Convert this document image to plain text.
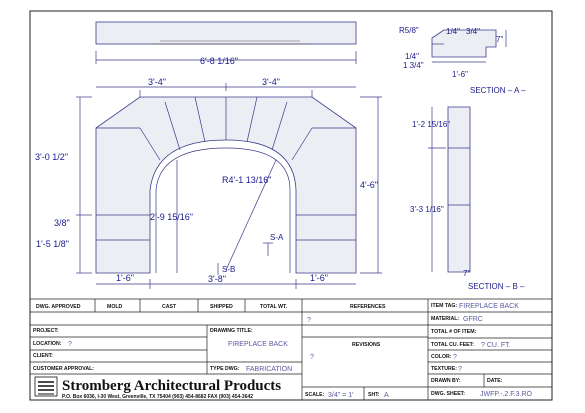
6'-8 1/16"
3'-4"	3'-4"
3'-0 1/2"
3/8"
1'-5 1/8"
4'-6"
2'-9 15/16"
R4'-1 13/16"
S-A
S-B
1'-6"	3'-8"	1'-6"
R5/8"	1/4" 3/4"
7"
1/4"
1 3/4"
1'-6"
SECTION – A –
1'-2 15/16"
3'-3 1/16"
7"
SECTION – B –
DWG. APPROVED	MOLD	CAST	SHIPPED	TOTAL WT.	REFERENCES
?
REVISIONS
?
PROJECT:
LOCATION: ?
CLIENT:
CUSTOMER APPROVAL:
DRAWING TITLE:
FIREPLACE BACK
TYPE DWG: FABRICATION
SCALE: 3/4" = 1'	SHT: A
ITEM TAG: FIREPLACE BACK
MATERIAL: GFRC
TOTAL # OF ITEM:
TOTAL CU. FEET: ? CU. FT.
COLOR: ?
TEXTURE: ?
DRAWN BY:	DATE:
DWG. SHEET: JWFP.-.2.F.3.RO
Stromberg Architectural Products
P.O. Box 6036, I-30 West, Greenville, TX 75404 (903) 454-8682 FAX (903) 454-3642
